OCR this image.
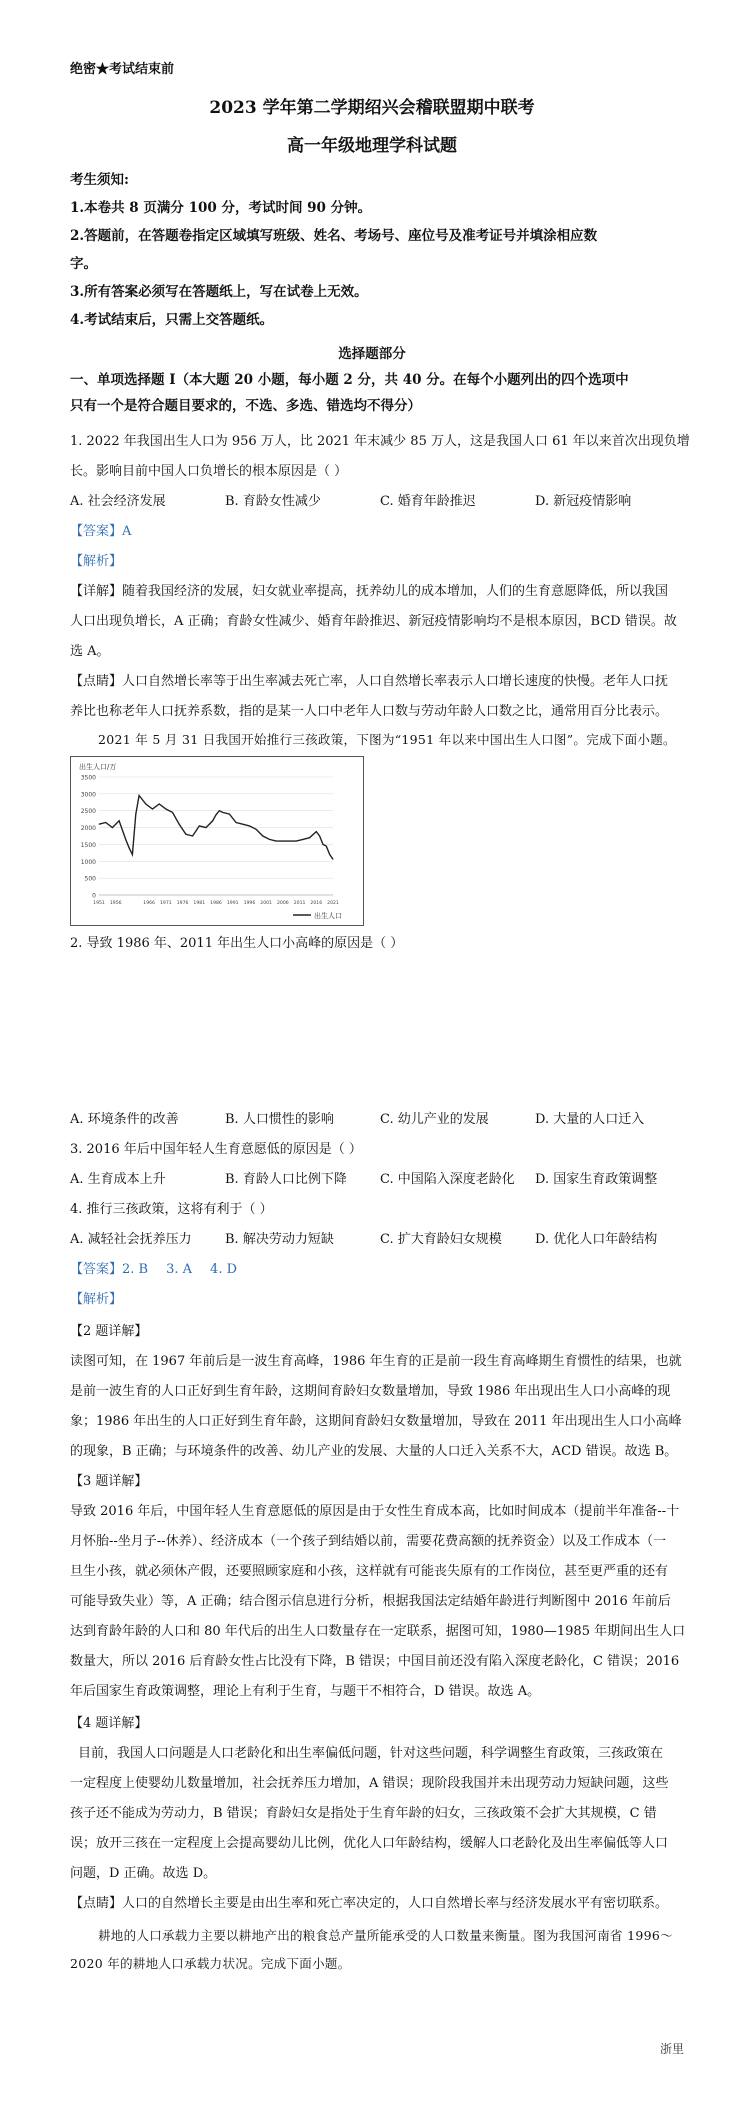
绝密★考试结束前
2023 学年第二学期绍兴会稽联盟期中联考
高一年级地理学科试题
考生须知:
1.本卷共 8 页满分 100 分，考试时间 90 分钟。
2.答题前，在答题卷指定区域填写班级、姓名、考场号、座位号及准考证号并填涂相应数
字。
3.所有答案必须写在答题纸上，写在试卷上无效。
4.考试结束后，只需上交答题纸。
选择题部分
一、单项选择题 I（本大题 20 小题，每小题 2 分，共 40 分。在每个小题列出的四个选项中
只有一个是符合题目要求的，不选、多选、错选均不得分）
1. 2022 年我国出生人口为 956 万人，比 2021 年末减少 85 万人，这是我国人口 61 年以来首次出现负增
长。影响目前中国人口负增长的根本原因是（ ）
A. 社会经济发展	B. 育龄女性减少	C. 婚育年龄推迟	D. 新冠疫情影响
【答案】A
【解析】
【详解】随着我国经济的发展，妇女就业率提高，抚养幼儿的成本增加，人们的生育意愿降低，所以我国
人口出现负增长，A 正确；育龄女性减少、婚育年龄推迟、新冠疫情影响均不是根本原因，BCD 错误。故
选 A。
【点睛】人口自然增长率等于出生率减去死亡率，人口自然增长率表示人口增长速度的快慢。老年人口抚
养比也称老年人口抚养系数，指的是某一人口中老年人口数与劳动年龄人口数之比，通常用百分比表示。
2021 年 5 月 31 日我国开始推行三孩政策，下图为“1951 年以来中国出生人口图”。完成下面小题。
出生人口/万
0
500
1000
1500
2000
2500
3000
3500
1951 1956	1966 1971 1976 1981 1986 1991 1996 2001 2006 2011 2016 2021
出生人口
2. 导致 1986 年、2011 年出生人口小高峰的原因是（ ）
A. 环境条件的改善	B. 人口惯性的影响	C. 幼儿产业的发展	D. 大量的人口迁入
3. 2016 年后中国年轻人生育意愿低的原因是（ ）
A. 生育成本上升	B. 育龄人口比例下降	C. 中国陷入深度老龄化	D. 国家生育政策调整
4. 推行三孩政策，这将有利于（ ）
A. 减轻社会抚养压力	B. 解决劳动力短缺	C. 扩大育龄妇女规模	D. 优化人口年龄结构
【答案】2. B 3. A 4. D
【解析】
【2 题详解】
读图可知，在 1967 年前后是一波生育高峰，1986 年生育的正是前一段生育高峰期生育惯性的结果，也就
是前一波生育的人口正好到生育年龄，这期间育龄妇女数量增加，导致 1986 年出现出生人口小高峰的现
象；1986 年出生的人口正好到生育年龄，这期间育龄妇女数量增加，导致在 2011 年出现出生人口小高峰
的现象，B 正确；与环境条件的改善、幼儿产业的发展、大量的人口迁入关系不大，ACD 错误。故选 B。
【3 题详解】
导致 2016 年后，中国年轻人生育意愿低的原因是由于女性生育成本高，比如时间成本（提前半年准备--十
月怀胎--坐月子--休养）、经济成本（一个孩子到结婚以前，需要花费高额的抚养资金）以及工作成本（一
旦生小孩，就必须休产假，还要照顾家庭和小孩，这样就有可能丧失原有的工作岗位，甚至更严重的还有
可能导致失业）等，A 正确；结合图示信息进行分析，根据我国法定结婚年龄进行判断图中 2016 年前后
达到育龄年龄的人口和 80 年代后的出生人口数量存在一定联系，据图可知，1980—1985 年期间出生人口
数量大，所以 2016 后育龄女性占比没有下降，B 错误；中国目前还没有陷入深度老龄化，C 错误；2016
年后国家生育政策调整，理论上有利于生育，与题干不相符合，D 错误。故选 A。
【4 题详解】
目前，我国人口问题是人口老龄化和出生率偏低问题，针对这些问题，科学调整生育政策，三孩政策在
一定程度上使婴幼儿数量增加，社会抚养压力增加，A 错误；现阶段我国并未出现劳动力短缺问题，这些
孩子还不能成为劳动力，B 错误；育龄妇女是指处于生育年龄的妇女，三孩政策不会扩大其规模，C 错
误；放开三孩在一定程度上会提高婴幼儿比例，优化人口年龄结构，缓解人口老龄化及出生率偏低等人口
问题，D 正确。故选 D。
【点睛】人口的自然增长主要是由出生率和死亡率决定的，人口自然增长率与经济发展水平有密切联系。
耕地的人口承载力主要以耕地产出的粮食总产量所能承受的人口数量来衡量。图为我国河南省 1996～
2020 年的耕地人口承载力状况。完成下面小题。
浙里
